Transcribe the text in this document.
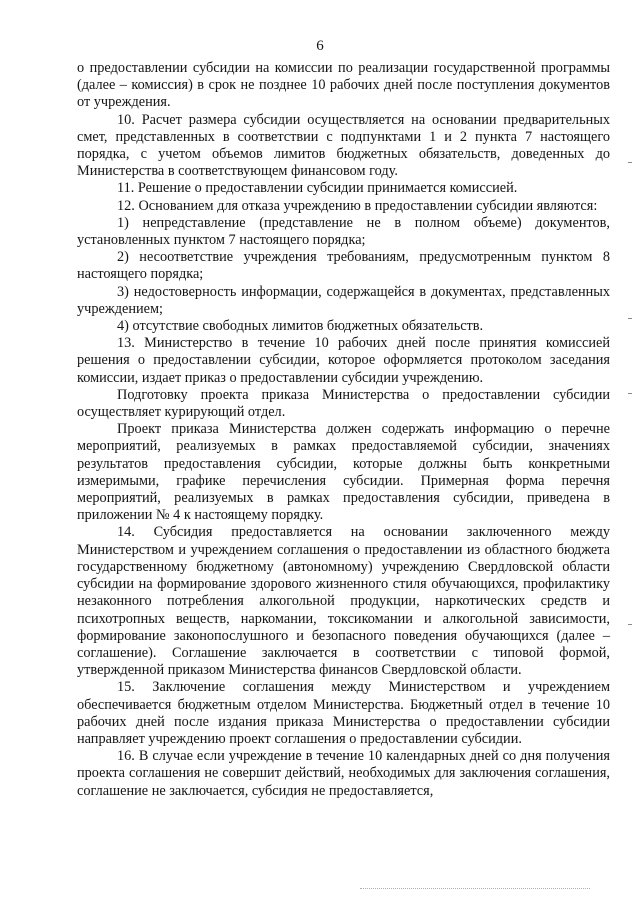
6

о предоставлении субсидии на комиссии по реализации государственной программы (далее – комиссия) в срок не позднее 10 рабочих дней после поступления документов от учреждения.

10. Расчет размера субсидии осуществляется на основании предварительных смет, представленных в соответствии с подпунктами 1 и 2 пункта 7 настоящего порядка, с учетом объемов лимитов бюджетных обязательств, доведенных до Министерства в соответствующем финансовом году.

11. Решение о предоставлении субсидии принимается комиссией.

12. Основанием для отказа учреждению в предоставлении субсидии являются:

1) непредставление (представление не в полном объеме) документов, установленных пунктом 7 настоящего порядка;

2) несоответствие учреждения требованиям, предусмотренным пунктом 8 настоящего порядка;

3) недостоверность информации, содержащейся в документах, представленных учреждением;

4) отсутствие свободных лимитов бюджетных обязательств.

13. Министерство в течение 10 рабочих дней после принятия комиссией решения о предоставлении субсидии, которое оформляется протоколом заседания комиссии, издает приказ о предоставлении субсидии учреждению.

Подготовку проекта приказа Министерства о предоставлении субсидии осуществляет курирующий отдел.

Проект приказа Министерства должен содержать информацию о перечне мероприятий, реализуемых в рамках предоставляемой субсидии, значениях результатов предоставления субсидии, которые должны быть конкретными измеримыми, графике перечисления субсидии. Примерная форма перечня мероприятий, реализуемых в рамках предоставления субсидии, приведена в приложении № 4 к настоящему порядку.

14. Субсидия предоставляется на основании заключенного между Министерством и учреждением соглашения о предоставлении из областного бюджета государственному бюджетному (автономному) учреждению Свердловской области субсидии на формирование здорового жизненного стиля обучающихся, профилактику незаконного потребления алкогольной продукции, наркотических средств и психотропных веществ, наркомании, токсикомании и алкогольной зависимости, формирование законопослушного и безопасного поведения обучающихся (далее – соглашение). Соглашение заключается в соответствии с типовой формой, утвержденной приказом Министерства финансов Свердловской области.

15. Заключение соглашения между Министерством и учреждением обеспечивается бюджетным отделом Министерства. Бюджетный отдел в течение 10 рабочих дней после издания приказа Министерства о предоставлении субсидии направляет учреждению проект соглашения о предоставлении субсидии.

16. В случае если учреждение в течение 10 календарных дней со дня получения проекта соглашения не совершит действий, необходимых для заключения соглашения, соглашение не заключается, субсидия не предоставляется,
